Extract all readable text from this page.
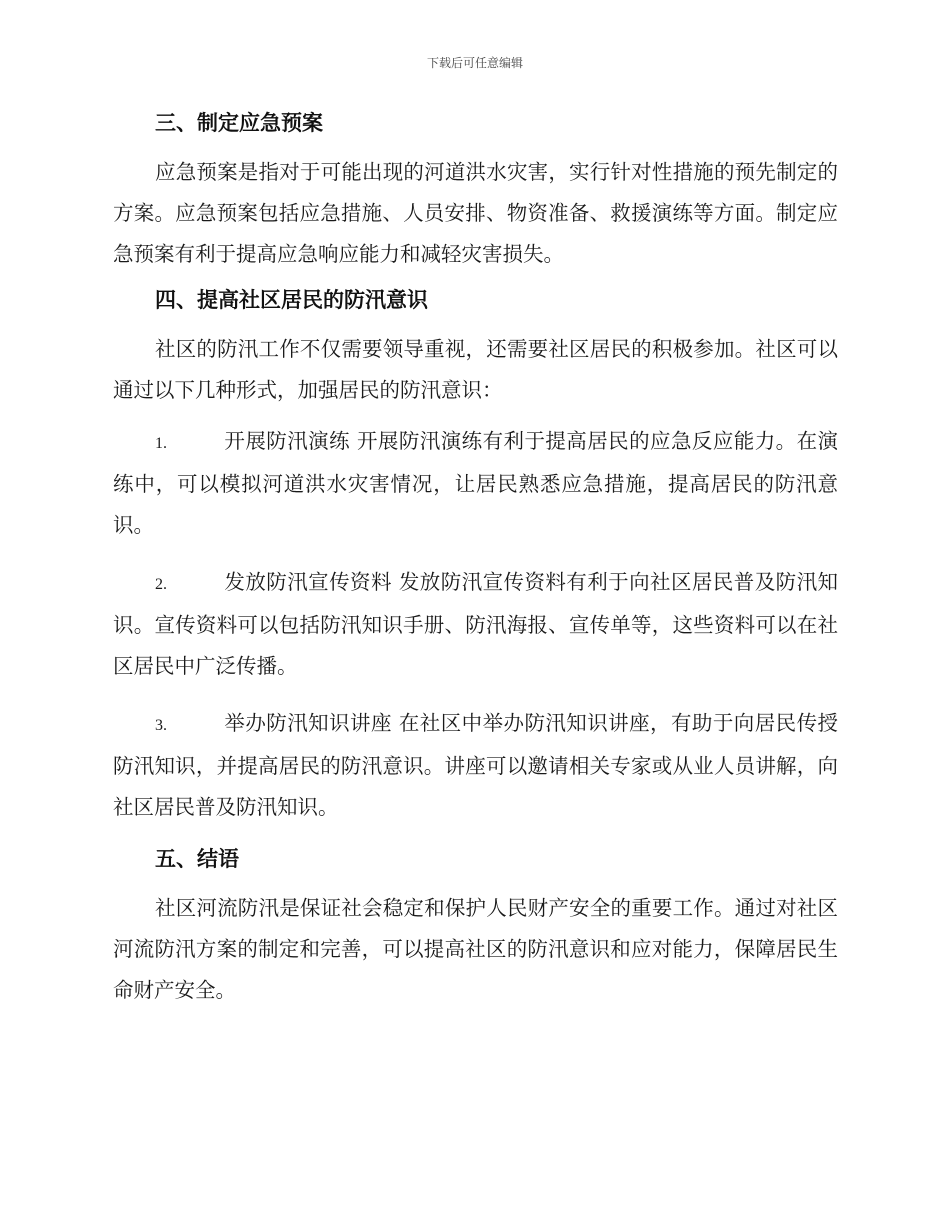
下载后可任意编辑
三、制定应急预案

应急预案是指对于可能出现的河道洪水灾害，实行针对性措施的预先制定的方案。应急预案包括应急措施、人员安排、物资准备、救援演练等方面。制定应急预案有利于提高应急响应能力和减轻灾害损失。

四、提高社区居民的防汛意识

社区的防汛工作不仅需要领导重视，还需要社区居民的积极参加。社区可以通过以下几种形式，加强居民的防汛意识：

1.	开展防汛演练 开展防汛演练有利于提高居民的应急反应能力。在演练中，可以模拟河道洪水灾害情况，让居民熟悉应急措施，提高居民的防汛意识。

2.	发放防汛宣传资料 发放防汛宣传资料有利于向社区居民普及防汛知识。宣传资料可以包括防汛知识手册、防汛海报、宣传单等，这些资料可以在社区居民中广泛传播。

3.	举办防汛知识讲座 在社区中举办防汛知识讲座，有助于向居民传授防汛知识，并提高居民的防汛意识。讲座可以邀请相关专家或从业人员讲解，向社区居民普及防汛知识。

五、结语

社区河流防汛是保证社会稳定和保护人民财产安全的重要工作。通过对社区河流防汛方案的制定和完善，可以提高社区的防汛意识和应对能力，保障居民生命财产安全。
